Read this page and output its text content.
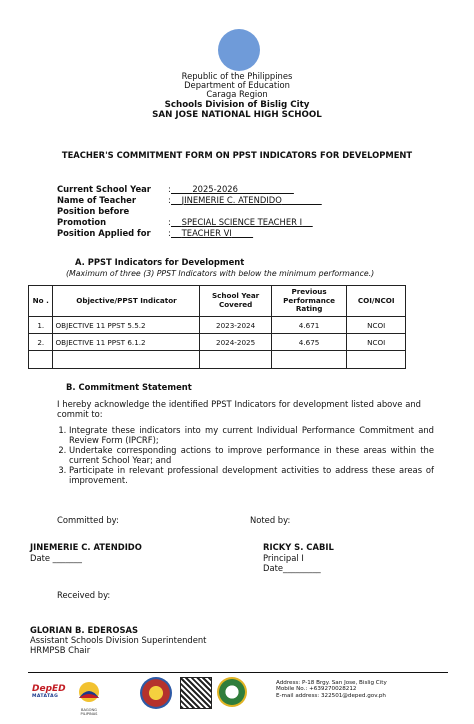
Republic of the Philippines
Department of Education
Caraga Region
Schools Division of Bislig City
SAN JOSE NATIONAL HIGH SCHOOL
TEACHER'S COMMITMENT FORM ON PPST INDICATORS FOR DEVELOPMENT
Current School Year :	2025-2026
Name of Teacher	:	JINEMERIE C. ATENDIDO
Position before
Promotion	:	SPECIAL SCIENCE TEACHER I
Position Applied for :	TEACHER VI
A. PPST Indicators for Development
(Maximum of three (3) PPST Indicators with below the minimum performance.)
No .	Objective/PPST Indicator	School Year Covered	Previous Performance Rating	COI/NCOI
1.	OBJECTIVE 11 PPST 5.5.2	2023-2024	4.671	NCOI
2.	OBJECTIVE 11 PPST 6.1.2	2024-2025	4.675	NCOI

B. Commitment Statement
I hereby acknowledge the identified PPST Indicators for development listed above and commit to:
1. Integrate these indicators into my current Individual Performance Commitment and Review Form (IPCRF);
2. Undertake corresponding actions to improve performance in these areas within the current School Year; and
3. Participate in relevant professional development activities to address these areas of improvement.
Committed by:	Noted by:
JINEMERIE C. ATENDIDO
Date _______
RICKY S. CABIL
Principal I
Date_________
Received by:
GLORIAN B. EDEROSAS
Assistant Schools Division Superintendent
HRMPSB Chair
DepED
MATATAG
BAGONG PILIPINAS
Address: P-18 Brgy. San Jose, Bislig City
Mobile No.: +639270028212
E-mail address: 322501@deped.gov.ph
